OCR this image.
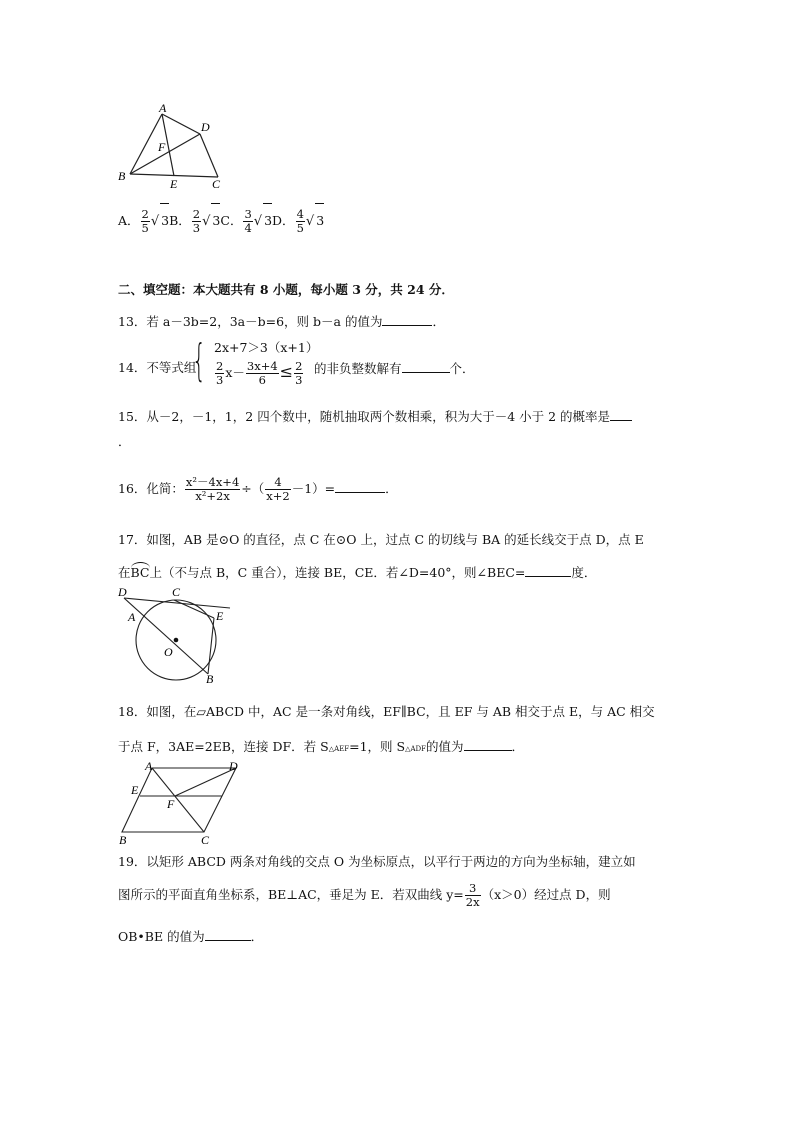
A
D
F
B
E	C
A． $\frac{2}{5}$ √ 3B． $\frac{2}{3}$ √ 3C． $\frac{3}{4}$ √ 3D． $\frac{4}{5}$ √ 3
二、填空题：本大题共有 8 小题，每小题 3 分，共 24 分．
13．若 a－3b=2，3a－b=6，则 b－a 的值为	．
14．不等式组
{ 2x+7＞3（x+1）
$\frac{2}{3} x- \frac{3x+4}{6} \le \frac{2}{3}$ 的非负整数解有	个．
15．从－2，－1，1，2 四个数中，随机抽取两个数相乘，积为大于－4 小于 2 的概率是
．
16．化简： $\frac{\text{x²－4x+4}}{\text{x²+2x}}$ ÷（ $\frac{4}{x+2} -1)=$	．
17．如图，AB 是⊙O 的直径，点 C 在⊙O 上，过点 C 的切线与 BA 的延长线交于点 D，点 E
在BC上（不与点 B，C 重合），连接 BE，CE．若∠D=40°，则∠BEC=	度．
D	C
A	E
O
B
18．如图，在▱ABCD 中，AC 是一条对角线，EF∥BC，且 EF 与 AB 相交于点 E，与 AC 相交
于点 F，3AE=2EB，连接 DF．若 S△AEF=1，则 S△ADF的值为	．
A	D
E
F
B	C
19．以矩形 ABCD 两条对角线的交点 O 为坐标原点，以平行于两边的方向为坐标轴，建立如
图所示的平面直角坐标系，BE⊥AC，垂足为 E．若双曲线 $y= \frac{3}{2x} (x>0)$经过点 D，则
OB•BE 的值为	．
